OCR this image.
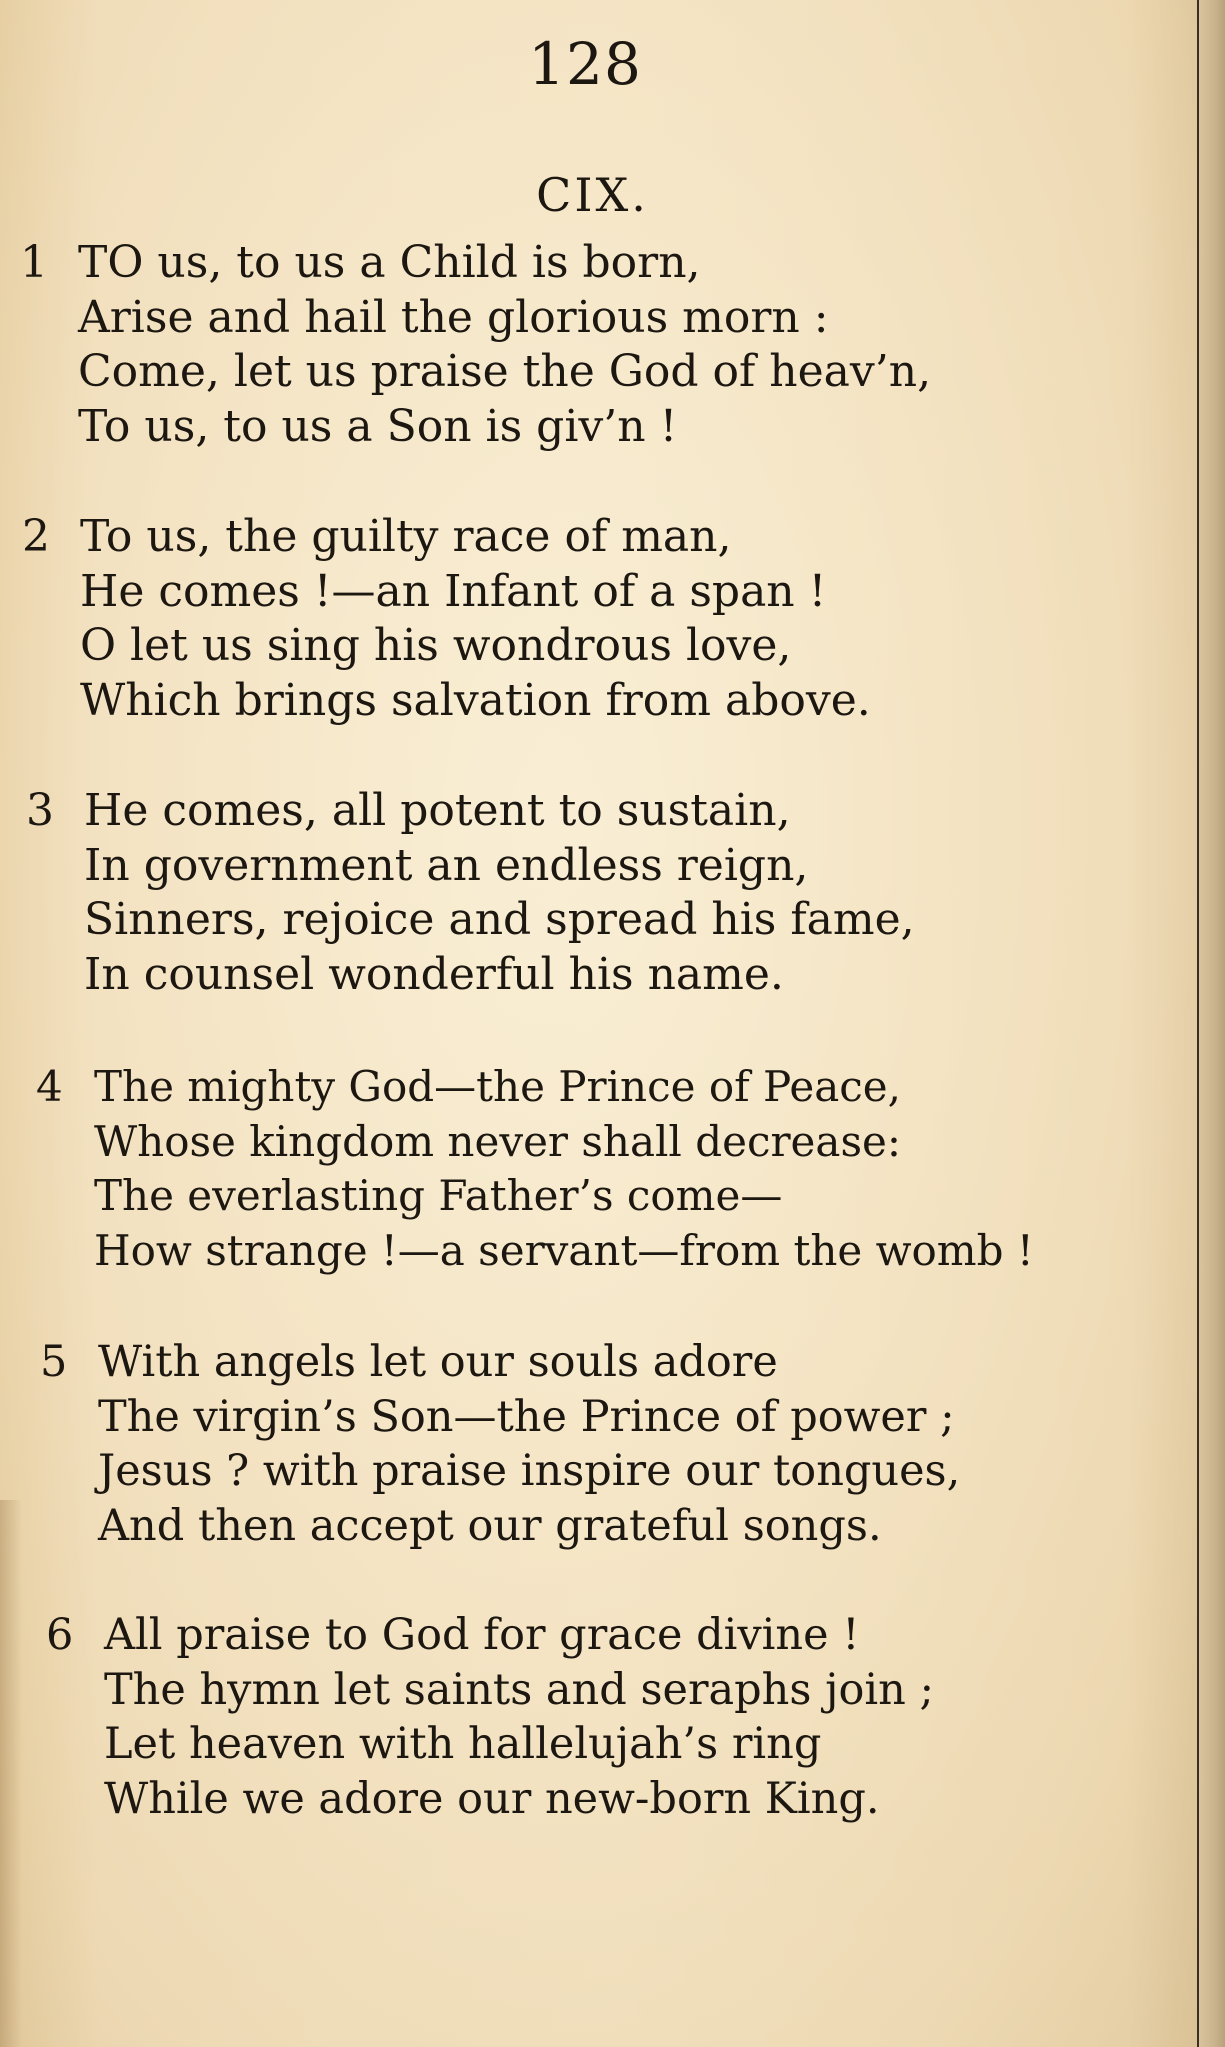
128
CIX.
1 TO us, to us a Child is born,
Arise and hail the glorious morn :
Come, let us praise the God of heav’n,
To us, to us a Son is giv’n !
2 To us, the guilty race of man,
He comes !—an Infant of a span !
O let us sing his wondrous love,
Which brings salvation from above.
3 He comes, all potent to sustain,
In government an endless reign,
Sinners, rejoice and spread his fame,
In counsel wonderful his name.
4 The mighty God—the Prince of Peace,
Whose kingdom never shall decrease:
The everlasting Father’s come—
How strange !—a servant—from the womb !
5 With angels let our souls adore
The virgin’s Son—the Prince of power ;
Jesus ? with praise inspire our tongues,
And then accept our grateful songs.
6 All praise to God for grace divine !
The hymn let saints and seraphs join ;
Let heaven with hallelujah’s ring
While we adore our new-born King.
